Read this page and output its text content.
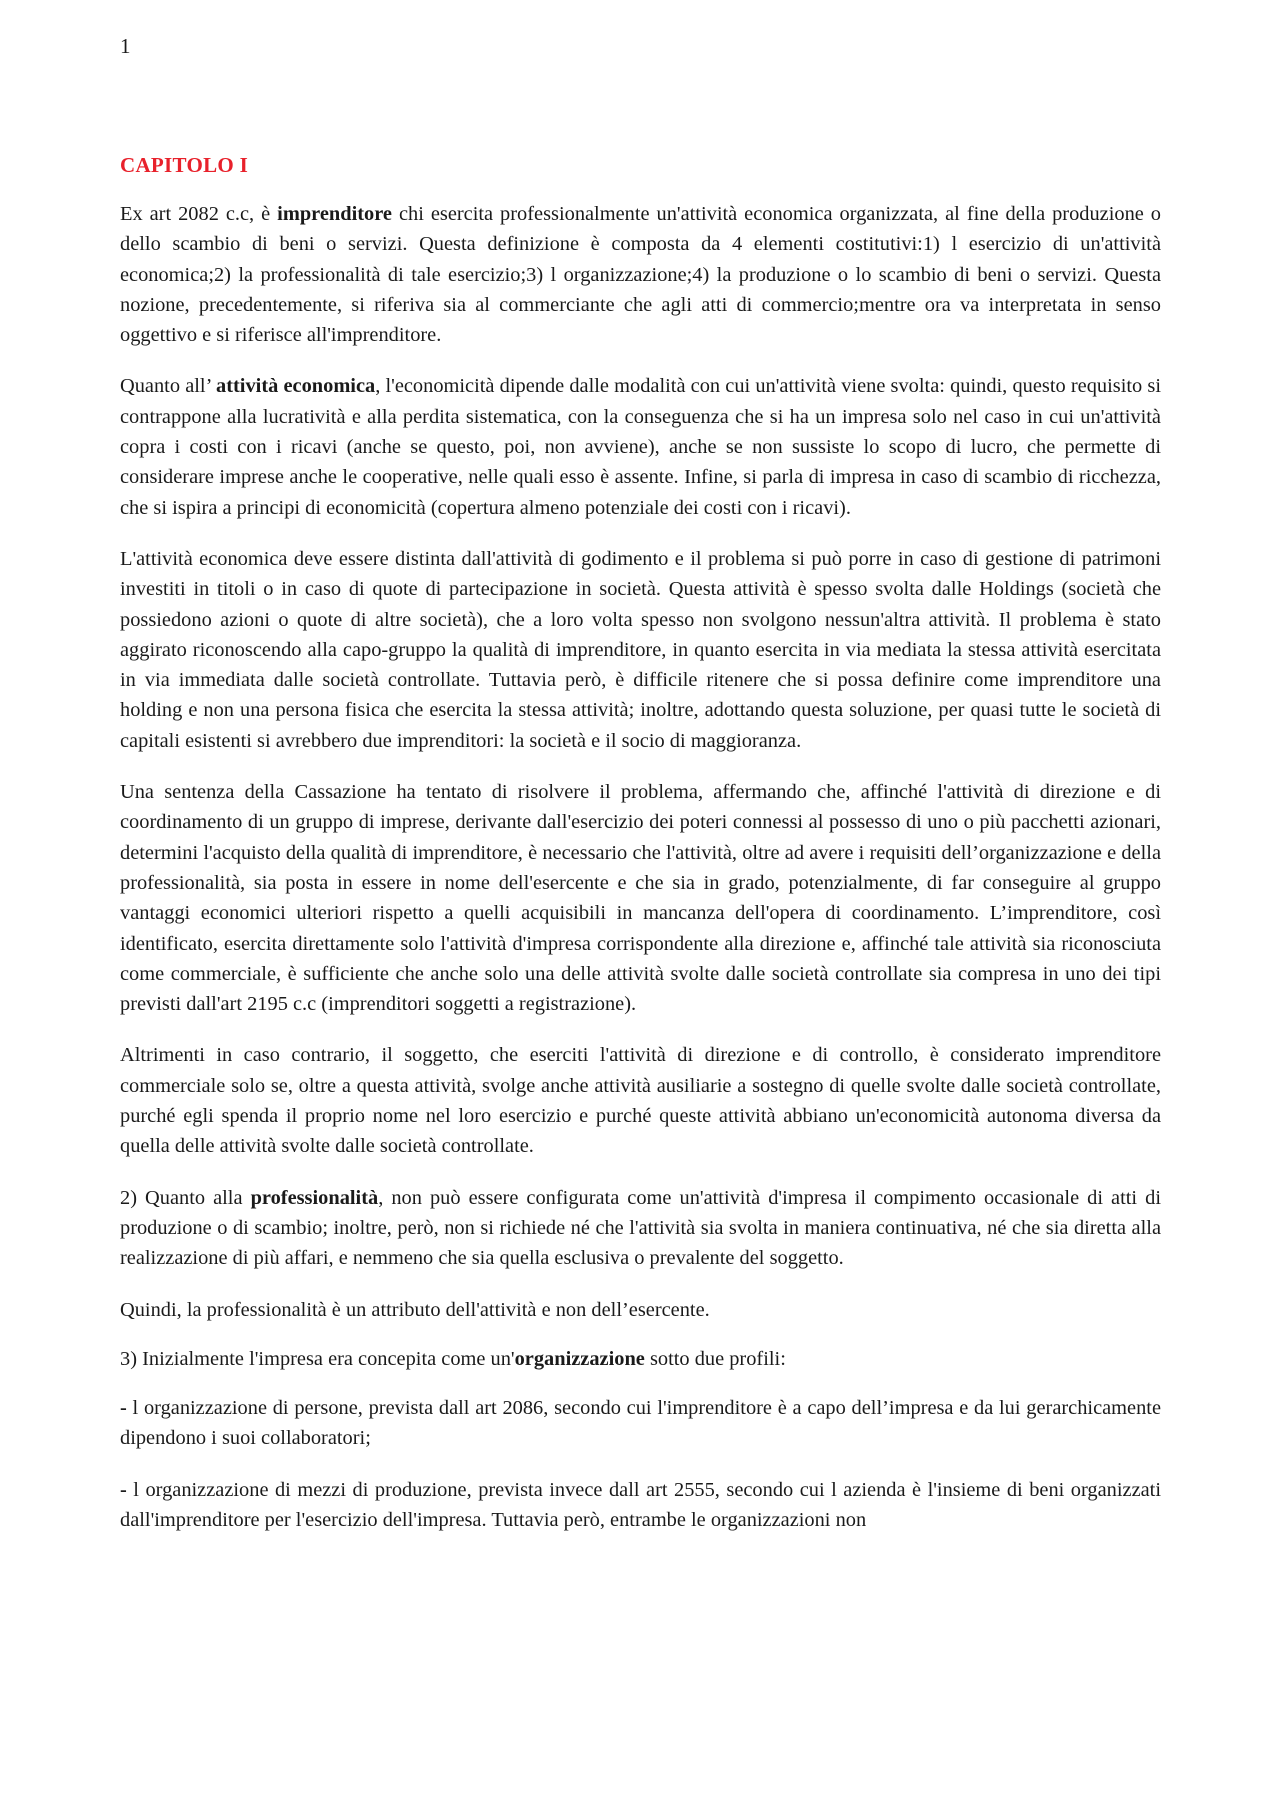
1
CAPITOLO I

Ex art 2082 c.c, è imprenditore chi esercita professionalmente un'attività economica organizzata, al fine della produzione o dello scambio di beni o servizi. Questa definizione è composta da 4 elementi costitutivi:1) l esercizio di un'attività economica;2) la professionalità di tale esercizio;3) l organizzazione;4) la produzione o lo scambio di beni o servizi. Questa nozione, precedentemente, si riferiva sia al commerciante che agli atti di commercio;mentre ora va interpretata in senso oggettivo e si riferisce all'imprenditore.

Quanto all’ attività economica, l'economicità dipende dalle modalità con cui un'attività viene svolta: quindi, questo requisito si contrappone alla lucratività e alla perdita sistematica, con la conseguenza che si ha un impresa solo nel caso in cui un'attività copra i costi con i ricavi (anche se questo, poi, non avviene), anche se non sussiste lo scopo di lucro, che permette di considerare imprese anche le cooperative, nelle quali esso è assente. Infine, si parla di impresa in caso di scambio di ricchezza, che si ispira a principi di economicità (copertura almeno potenziale dei costi con i ricavi).

L'attività economica deve essere distinta dall'attività di godimento e il problema si può porre in caso di gestione di patrimoni investiti in titoli o in caso di quote di partecipazione in società. Questa attività è spesso svolta dalle Holdings (società che possiedono azioni o quote di altre società), che a loro volta spesso non svolgono nessun'altra attività. Il problema è stato aggirato riconoscendo alla capo-gruppo la qualità di imprenditore, in quanto esercita in via mediata la stessa attività esercitata in via immediata dalle società controllate. Tuttavia però, è difficile ritenere che si possa definire come imprenditore una holding e non una persona fisica che esercita la stessa attività; inoltre, adottando questa soluzione, per quasi tutte le società di capitali esistenti si avrebbero due imprenditori: la società e il socio di maggioranza.

Una sentenza della Cassazione ha tentato di risolvere il problema, affermando che, affinché l'attività di direzione e di coordinamento di un gruppo di imprese, derivante dall'esercizio dei poteri connessi al possesso di uno o più pacchetti azionari, determini l'acquisto della qualità di imprenditore, è necessario che l'attività, oltre ad avere i requisiti dell’organizzazione e della professionalità, sia posta in essere in nome dell'esercente e che sia in grado, potenzialmente, di far conseguire al gruppo vantaggi economici ulteriori rispetto a quelli acquisibili in mancanza dell'opera di coordinamento. L’imprenditore, così identificato, esercita direttamente solo l'attività d'impresa corrispondente alla direzione e, affinché tale attività sia riconosciuta come commerciale, è sufficiente che anche solo una delle attività svolte dalle società controllate sia compresa in uno dei tipi previsti dall'art 2195 c.c (imprenditori soggetti a registrazione).

Altrimenti in caso contrario, il soggetto, che eserciti l'attività di direzione e di controllo, è considerato imprenditore commerciale solo se, oltre a questa attività, svolge anche attività ausiliarie a sostegno di quelle svolte dalle società controllate, purché egli spenda il proprio nome nel loro esercizio e purché queste attività abbiano un'economicità autonoma diversa da quella delle attività svolte dalle società controllate.

2) Quanto alla professionalità, non può essere configurata come un'attività d'impresa il compimento occasionale di atti di produzione o di scambio; inoltre, però, non si richiede né che l'attività sia svolta in maniera continuativa, né che sia diretta alla realizzazione di più affari, e nemmeno che sia quella esclusiva o prevalente del soggetto.

Quindi, la professionalità è un attributo dell'attività e non dell’esercente.

3) Inizialmente l'impresa era concepita come un'organizzazione sotto due profili:

- l organizzazione di persone, prevista dall art 2086, secondo cui l'imprenditore è a capo dell’impresa e da lui gerarchicamente dipendono i suoi collaboratori;

- l organizzazione di mezzi di produzione, prevista invece dall art 2555, secondo cui l azienda è l'insieme di beni organizzati dall'imprenditore per l'esercizio dell'impresa. Tuttavia però, entrambe le organizzazioni non
